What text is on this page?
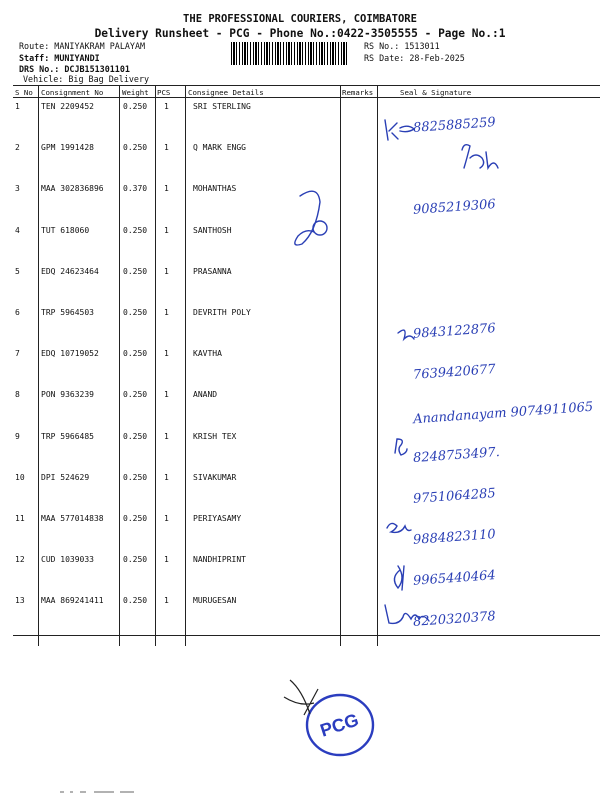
THE PROFESSIONAL COURIERS, COIMBATORE
Delivery Runsheet - PCG - Phone No.:0422-3505555 - Page No.:1
Route: MANIYAKRAM PALAYAM
Staff: MUNIYANDI
DRS No.: DCJB151301101
Vehicle: Big Bag Delivery
RS No.: 1513011
RS Date: 28-Feb-2025
S No Consignment No	Weight PCS Consignee Details	Remarks	Seal & Signature
1	TEN 2209452	0.250 1	SRI STERLING
8825885259
2	GPM 1991428	0.250 1	Q MARK ENGG
3	MAA 302836896 0.370 1	MOHANTHAS
9085219306
4	TUT 618060	0.250 1	SANTHOSH
5	EDQ 24623464	0.250 1	PRASANNA
6	TRP 5964503	0.250 1	DEVRITH POLY
9843122876
7	EDQ 10719052	0.250 1	KAVTHA
7639420677
8	PON 9363239	0.250 1	ANAND
Anandanayam 9074911065
9	TRP 5966485	0.250 1	KRISH TEX
8248753497.
10 DPI 524629	0.250 1	SIVAKUMAR
9751064285
11 MAA 577014838 0.250 1	PERIYASAMY
9884823110
12 CUD 1039033	0.250 1	NANDHIPRINT
9965440464
13 MAA 869241411 0.250 1	MURUGESAN
8220320378
PCG
